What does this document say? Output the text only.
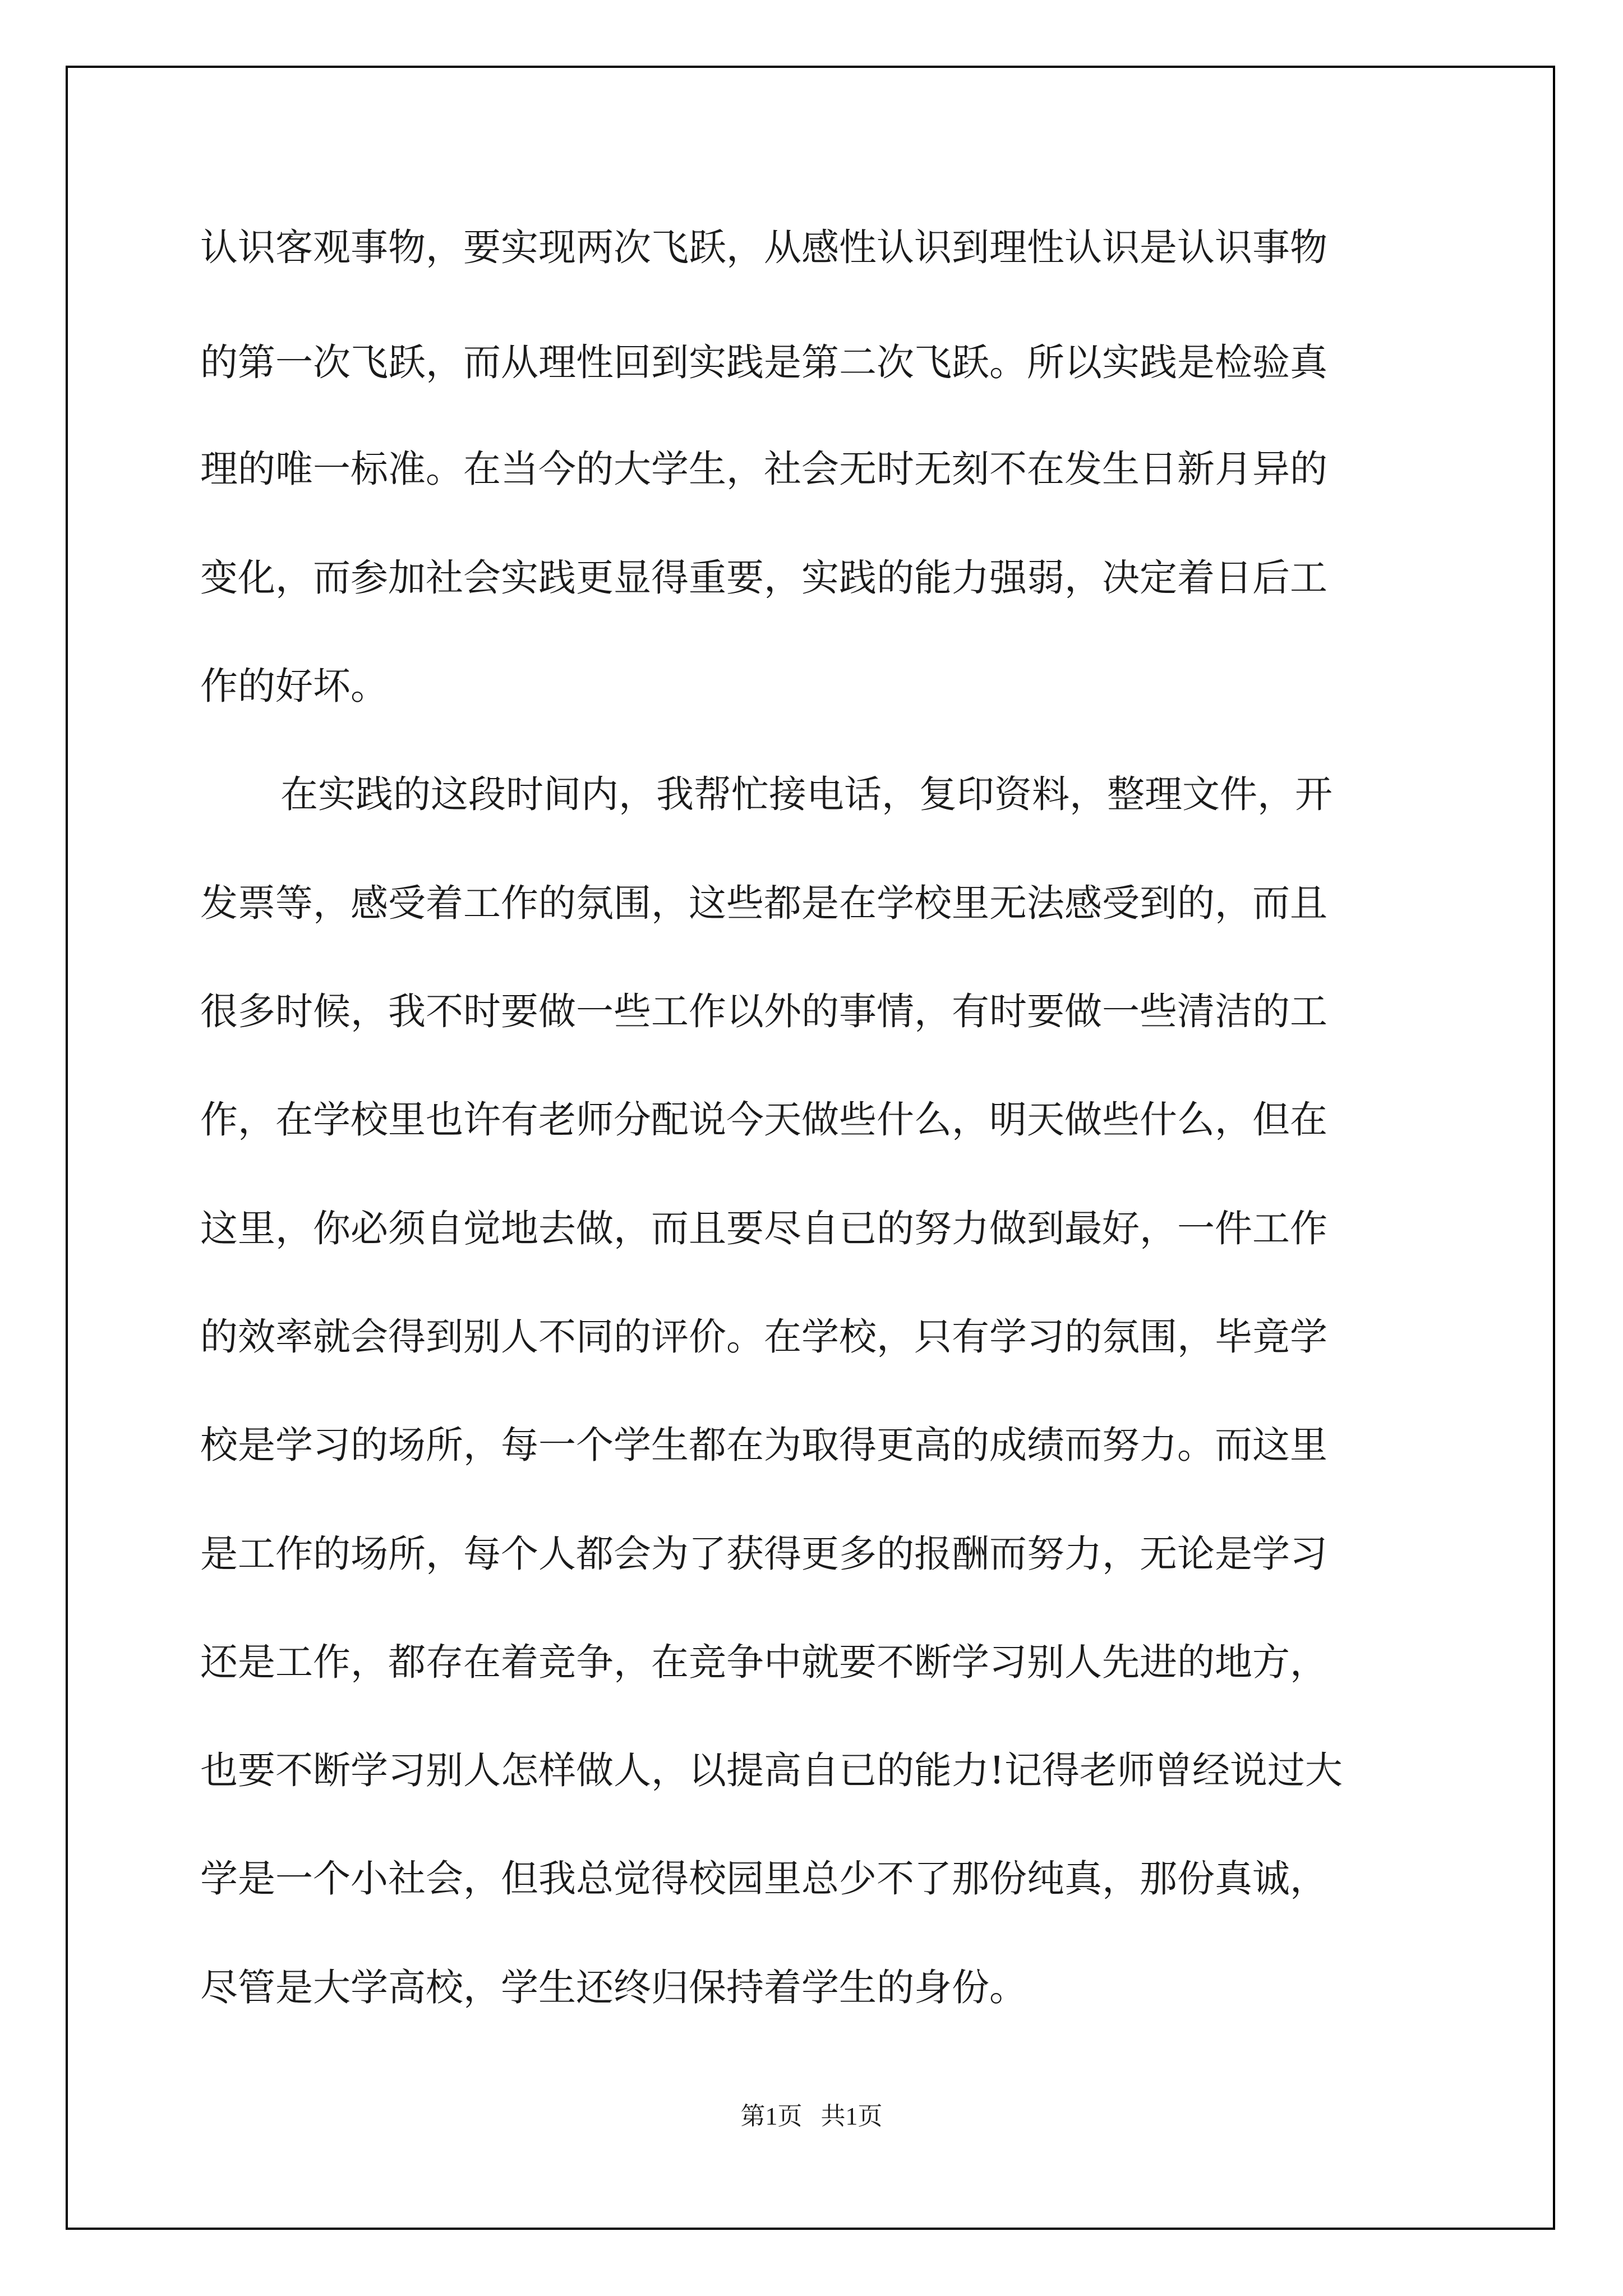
认识客观事物，要实现两次飞跃，从感性认识到理性认识是认识事物
的第一次飞跃，而从理性回到实践是第二次飞跃。所以实践是检验真
理的唯一标准。在当今的大学生，社会无时无刻不在发生日新月异的
变化，而参加社会实践更显得重要，实践的能力强弱，决定着日后工
作的好坏。
在实践的这段时间内，我帮忙接电话，复印资料，整理文件，开
发票等，感受着工作的氛围，这些都是在学校里无法感受到的，而且
很多时候，我不时要做一些工作以外的事情，有时要做一些清洁的工
作，在学校里也许有老师分配说今天做些什么，明天做些什么，但在
这里，你必须自觉地去做，而且要尽自已的努力做到最好，一件工作
的效率就会得到别人不同的评价。在学校，只有学习的氛围，毕竟学
校是学习的场所，每一个学生都在为取得更高的成绩而努力。而这里
是工作的场所，每个人都会为了获得更多的报酬而努力，无论是学习
还是工作，都存在着竞争，在竞争中就要不断学习别人先进的地方，
也要不断学习别人怎样做人，以提高自已的能力!记得老师曾经说过大
学是一个小社会，但我总觉得校园里总少不了那份纯真，那份真诚，
尽管是大学高校，学生还终归保持着学生的身份。
第1页   共1页
